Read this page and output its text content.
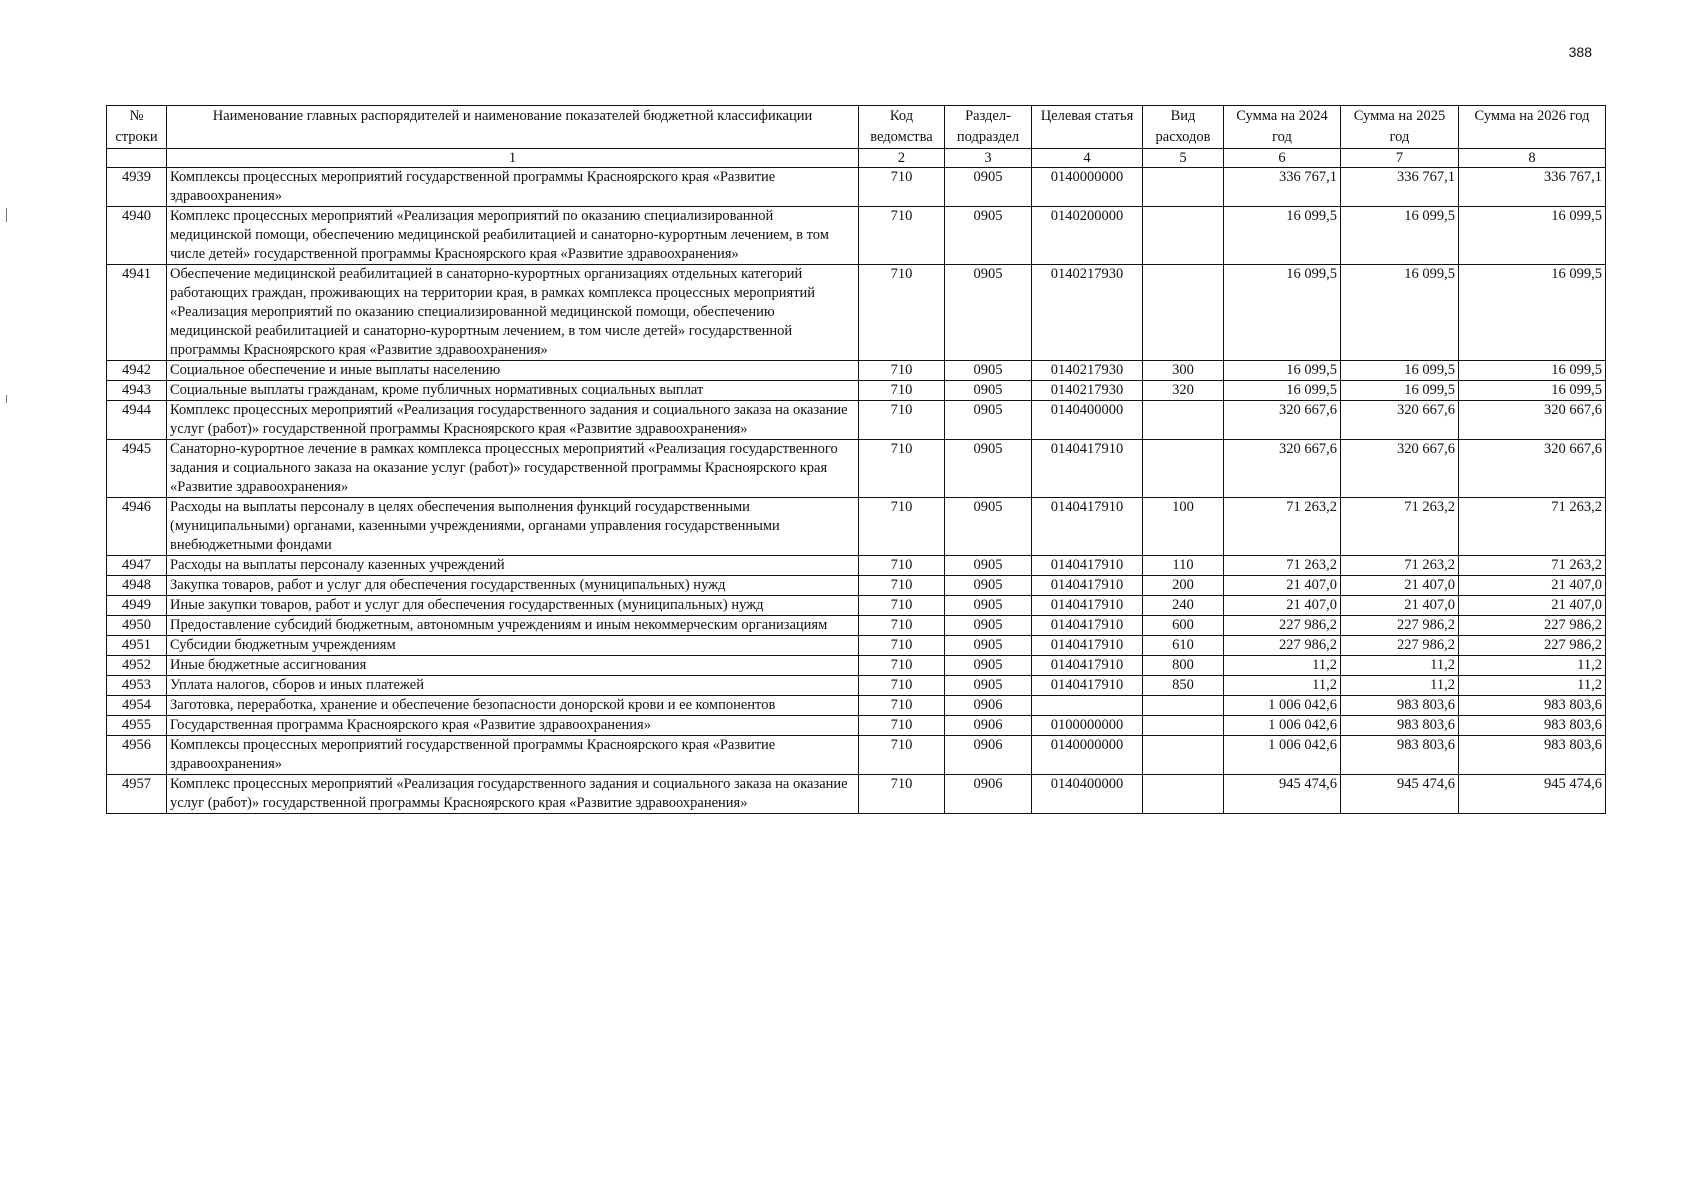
388
№ строки	Наименование главных распорядителей и наименование показателей бюджетной классификации	Код ведомства	Раздел-подраздел	Целевая статья	Вид расходов	Сумма на 2024 год	Сумма на 2025 год	Сумма на 2026 год
	1	2	3	4	5	6	7	8
4939	Комплексы процессных мероприятий государственной программы Красноярского края «Развитие здравоохранения»	710	0905	0140000000		336 767,1	336 767,1	336 767,1
4940	Комплекс процессных мероприятий «Реализация мероприятий по оказанию специализированной медицинской помощи, обеспечению медицинской реабилитацией и санаторно-курортным лечением, в том числе детей» государственной программы Красноярского края «Развитие здравоохранения»	710	0905	0140200000		16 099,5	16 099,5	16 099,5
4941	Обеспечение медицинской реабилитацией в санаторно-курортных организациях отдельных категорий работающих граждан, проживающих на территории края, в рамках комплекса процессных мероприятий «Реализация мероприятий по оказанию специализированной медицинской помощи, обеспечению медицинской реабилитацией и санаторно-курортным лечением, в том числе детей» государственной программы Красноярского края «Развитие здравоохранения»	710	0905	0140217930		16 099,5	16 099,5	16 099,5
4942	Социальное обеспечение и иные выплаты населению	710	0905	0140217930	300	16 099,5	16 099,5	16 099,5
4943	Социальные выплаты гражданам, кроме публичных нормативных социальных выплат	710	0905	0140217930	320	16 099,5	16 099,5	16 099,5
4944	Комплекс процессных мероприятий «Реализация государственного задания и социального заказа на оказание услуг (работ)» государственной программы Красноярского края «Развитие здравоохранения»	710	0905	0140400000		320 667,6	320 667,6	320 667,6
4945	Санаторно-курортное лечение в рамках комплекса процессных мероприятий «Реализация государственного задания и социального заказа на оказание услуг (работ)» государственной программы Красноярского края «Развитие здравоохранения»	710	0905	0140417910		320 667,6	320 667,6	320 667,6
4946	Расходы на выплаты персоналу в целях обеспечения выполнения функций государственными (муниципальными) органами, казенными учреждениями, органами управления государственными внебюджетными фондами	710	0905	0140417910	100	71 263,2	71 263,2	71 263,2
4947	Расходы на выплаты персоналу казенных учреждений	710	0905	0140417910	110	71 263,2	71 263,2	71 263,2
4948	Закупка товаров, работ и услуг для обеспечения государственных (муниципальных) нужд	710	0905	0140417910	200	21 407,0	21 407,0	21 407,0
4949	Иные закупки товаров, работ и услуг для обеспечения государственных (муниципальных) нужд	710	0905	0140417910	240	21 407,0	21 407,0	21 407,0
4950	Предоставление субсидий бюджетным, автономным учреждениям и иным некоммерческим организациям	710	0905	0140417910	600	227 986,2	227 986,2	227 986,2
4951	Субсидии бюджетным учреждениям	710	0905	0140417910	610	227 986,2	227 986,2	227 986,2
4952	Иные бюджетные ассигнования	710	0905	0140417910	800	11,2	11,2	11,2
4953	Уплата налогов, сборов и иных платежей	710	0905	0140417910	850	11,2	11,2	11,2
4954	Заготовка, переработка, хранение и обеспечение безопасности донорской крови и ее компонентов	710	0906			1 006 042,6	983 803,6	983 803,6
4955	Государственная программа Красноярского края «Развитие здравоохранения»	710	0906	0100000000		1 006 042,6	983 803,6	983 803,6
4956	Комплексы процессных мероприятий государственной программы Красноярского края «Развитие здравоохранения»	710	0906	0140000000		1 006 042,6	983 803,6	983 803,6
4957	Комплекс процессных мероприятий «Реализация государственного задания и социального заказа на оказание услуг (работ)» государственной программы Красноярского края «Развитие здравоохранения»	710	0906	0140400000		945 474,6	945 474,6	945 474,6
